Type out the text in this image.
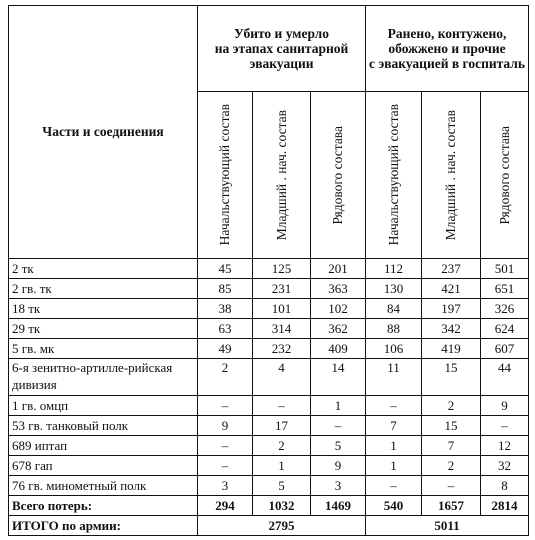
Части и соединения	Убито и умерло
на этапах санитарной
эвакуации			Ранено, контужено,
обожжено и прочие
с эвакуацией в госпиталь		

	Начальствующий состав	Младший . нач. состав	Рядового состава	Начальствующий состав	Младший . нач. состав	Рядового состава

2 тк	45	125	201	112	237	501
2 гв. тк	85	231	363	130	421	651
18 тк	38	101	102	84	197	326
29 тк	63	314	362	88	342	624
5 гв. мк	49	232	409	106	419	607
6-я зенитно-артилле-рийская дивизия	2	4	14	11	15	44
1 гв. омцп	–	–	1	–	2	9
53 гв. танковый полк	9	17	–	7	15	–
689 иптап	–	2	5	1	7	12
678 гап	–	1	9	1	2	32
76 гв. минометный полк	3	5	3	–	–	8
Всего потерь:	294	1032	1469	540	1657	2814
ИТОГО по армии:	2795			5011		
